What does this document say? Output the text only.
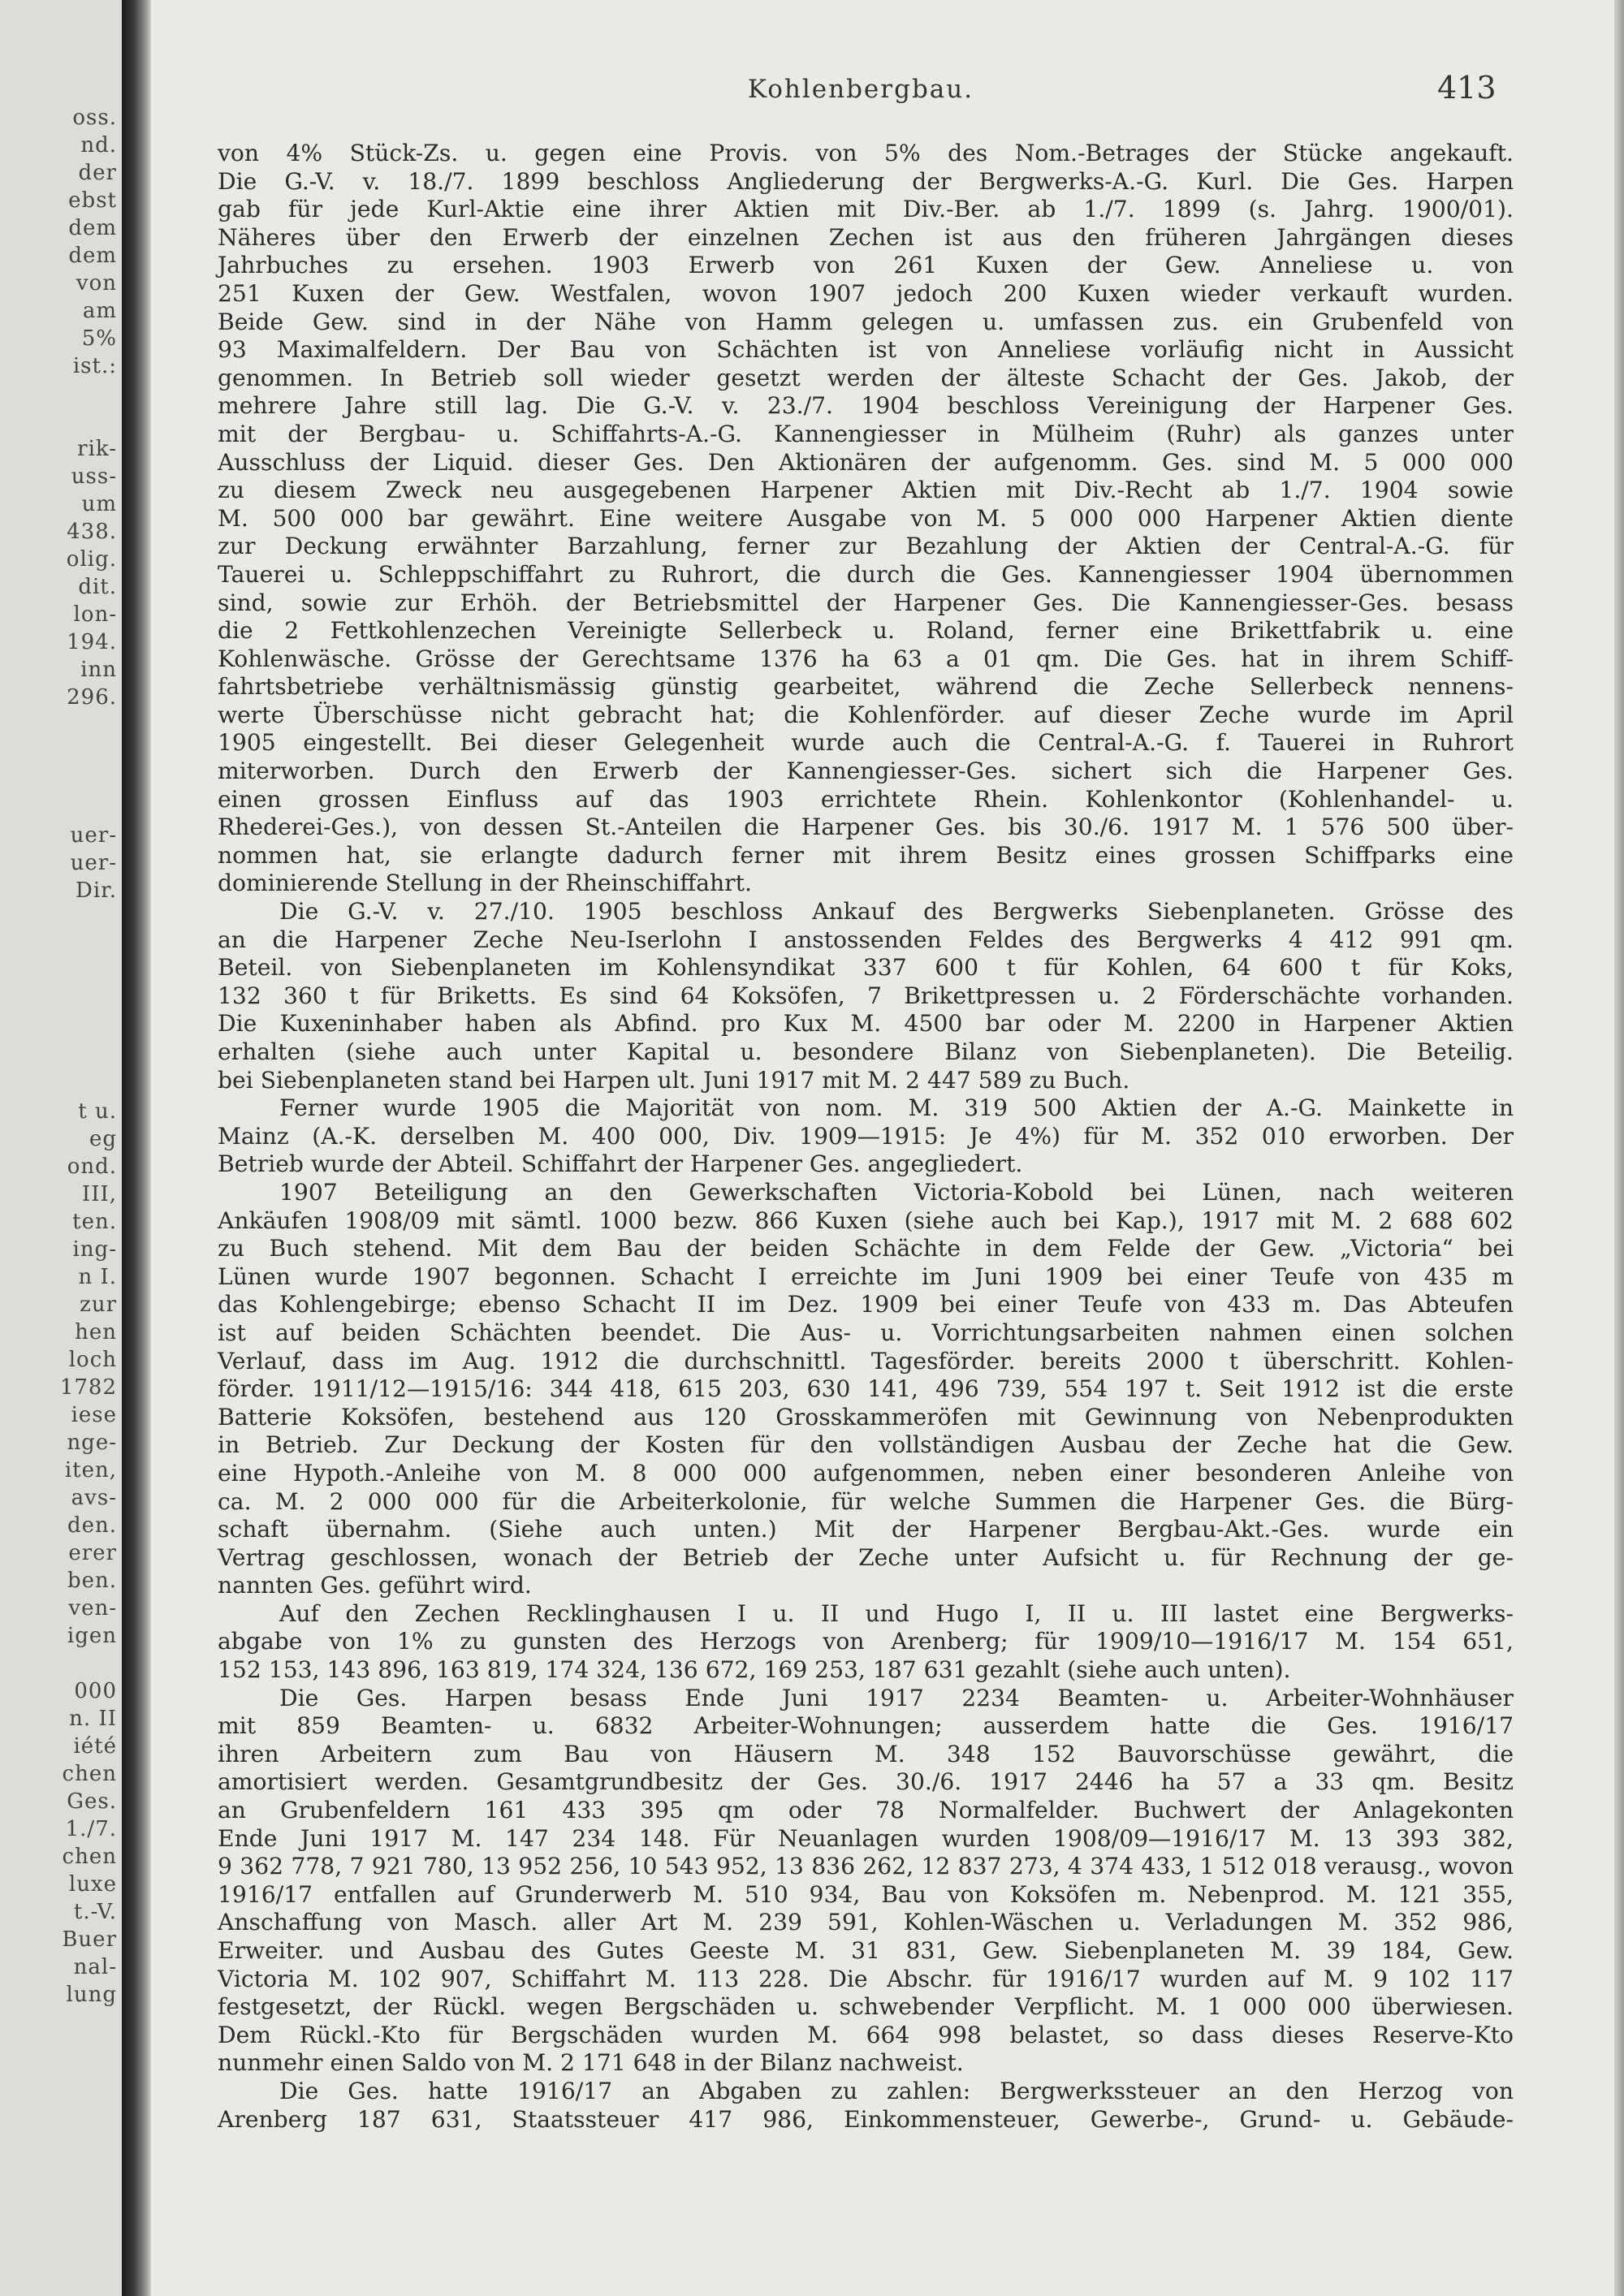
oss.
nd.
der
ebst
dem
dem
von
am
5%
ist.:
rik-
uss-
um
438.
olig.
dit.
lon-
194.
inn
296.
uer-
uer-
Dir.
t u.
eg
ond.
III,
ten.
ing-
n I.
zur
hen
loch
1782
iese
nge-
iten,
avs-
den.
erer
ben.
ven-
igen
000
n. II
iété
chen
Ges.
1./7.
chen
luxe
t.-V.
Buer
nal-
lung
Kohlenbergbau.	413
von 4% Stück-Zs. u. gegen eine Provis. von 5% des Nom.-Betrages der Stücke angekauft.
Die G.-V. v. 18./7. 1899 beschloss Angliederung der Bergwerks-A.-G. Kurl. Die Ges. Harpen
gab für jede Kurl-Aktie eine ihrer Aktien mit Div.-Ber. ab 1./7. 1899 (s. Jahrg. 1900/01).
Näheres über den Erwerb der einzelnen Zechen ist aus den früheren Jahrgängen dieses
Jahrbuches zu ersehen. 1903 Erwerb von 261 Kuxen der Gew. Anneliese u. von
251 Kuxen der Gew. Westfalen, wovon 1907 jedoch 200 Kuxen wieder verkauft wurden.
Beide Gew. sind in der Nähe von Hamm gelegen u. umfassen zus. ein Grubenfeld von
93 Maximalfeldern. Der Bau von Schächten ist von Anneliese vorläufig nicht in Aussicht
genommen. In Betrieb soll wieder gesetzt werden der älteste Schacht der Ges. Jakob, der
mehrere Jahre still lag. Die G.-V. v. 23./7. 1904 beschloss Vereinigung der Harpener Ges.
mit der Bergbau- u. Schiffahrts-A.-G. Kannengiesser in Mülheim (Ruhr) als ganzes unter
Ausschluss der Liquid. dieser Ges. Den Aktionären der aufgenomm. Ges. sind M. 5 000 000
zu diesem Zweck neu ausgegebenen Harpener Aktien mit Div.-Recht ab 1./7. 1904 sowie
M. 500 000 bar gewährt. Eine weitere Ausgabe von M. 5 000 000 Harpener Aktien diente
zur Deckung erwähnter Barzahlung, ferner zur Bezahlung der Aktien der Central-A.-G. für
Tauerei u. Schleppschiffahrt zu Ruhrort, die durch die Ges. Kannengiesser 1904 übernommen
sind, sowie zur Erhöh. der Betriebsmittel der Harpener Ges. Die Kannengiesser-Ges. besass
die 2 Fettkohlenzechen Vereinigte Sellerbeck u. Roland, ferner eine Brikettfabrik u. eine
Kohlenwäsche. Grösse der Gerechtsame 1376 ha 63 a 01 qm. Die Ges. hat in ihrem Schiff-
fahrtsbetriebe verhältnismässig günstig gearbeitet, während die Zeche Sellerbeck nennens-
werte Überschüsse nicht gebracht hat; die Kohlenförder. auf dieser Zeche wurde im April
1905 eingestellt. Bei dieser Gelegenheit wurde auch die Central-A.-G. f. Tauerei in Ruhrort
miterworben. Durch den Erwerb der Kannengiesser-Ges. sichert sich die Harpener Ges.
einen grossen Einfluss auf das 1903 errichtete Rhein. Kohlenkontor (Kohlenhandel- u.
Rhederei-Ges.), von dessen St.-Anteilen die Harpener Ges. bis 30./6. 1917 M. 1 576 500 über-
nommen hat, sie erlangte dadurch ferner mit ihrem Besitz eines grossen Schiffparks eine
dominierende Stellung in der Rheinschiffahrt.
Die G.-V. v. 27./10. 1905 beschloss Ankauf des Bergwerks Siebenplaneten. Grösse des
an die Harpener Zeche Neu-Iserlohn I anstossenden Feldes des Bergwerks 4 412 991 qm.
Beteil. von Siebenplaneten im Kohlensyndikat 337 600 t für Kohlen, 64 600 t für Koks,
132 360 t für Briketts. Es sind 64 Koksöfen, 7 Brikettpressen u. 2 Förderschächte vorhanden.
Die Kuxeninhaber haben als Abfind. pro Kux M. 4500 bar oder M. 2200 in Harpener Aktien
erhalten (siehe auch unter Kapital u. besondere Bilanz von Siebenplaneten). Die Beteilig.
bei Siebenplaneten stand bei Harpen ult. Juni 1917 mit M. 2 447 589 zu Buch.
Ferner wurde 1905 die Majorität von nom. M. 319 500 Aktien der A.-G. Mainkette in
Mainz (A.-K. derselben M. 400 000, Div. 1909—1915: Je 4%) für M. 352 010 erworben. Der
Betrieb wurde der Abteil. Schiffahrt der Harpener Ges. angegliedert.
1907 Beteiligung an den Gewerkschaften Victoria-Kobold bei Lünen, nach weiteren
Ankäufen 1908/09 mit sämtl. 1000 bezw. 866 Kuxen (siehe auch bei Kap.), 1917 mit M. 2 688 602
zu Buch stehend. Mit dem Bau der beiden Schächte in dem Felde der Gew. „Victoria“ bei
Lünen wurde 1907 begonnen. Schacht I erreichte im Juni 1909 bei einer Teufe von 435 m
das Kohlengebirge; ebenso Schacht II im Dez. 1909 bei einer Teufe von 433 m. Das Abteufen
ist auf beiden Schächten beendet. Die Aus- u. Vorrichtungsarbeiten nahmen einen solchen
Verlauf, dass im Aug. 1912 die durchschnittl. Tagesförder. bereits 2000 t überschritt. Kohlen-
förder. 1911/12—1915/16: 344 418, 615 203, 630 141, 496 739, 554 197 t. Seit 1912 ist die erste
Batterie Koksöfen, bestehend aus 120 Grosskammeröfen mit Gewinnung von Nebenprodukten
in Betrieb. Zur Deckung der Kosten für den vollständigen Ausbau der Zeche hat die Gew.
eine Hypoth.-Anleihe von M. 8 000 000 aufgenommen, neben einer besonderen Anleihe von
ca. M. 2 000 000 für die Arbeiterkolonie, für welche Summen die Harpener Ges. die Bürg-
schaft übernahm. (Siehe auch unten.) Mit der Harpener Bergbau-Akt.-Ges. wurde ein
Vertrag geschlossen, wonach der Betrieb der Zeche unter Aufsicht u. für Rechnung der ge-
nannten Ges. geführt wird.
Auf den Zechen Recklinghausen I u. II und Hugo I, II u. III lastet eine Bergwerks-
abgabe von 1% zu gunsten des Herzogs von Arenberg; für 1909/10—1916/17 M. 154 651,
152 153, 143 896, 163 819, 174 324, 136 672, 169 253, 187 631 gezahlt (siehe auch unten).
Die Ges. Harpen besass Ende Juni 1917 2234 Beamten- u. Arbeiter-Wohnhäuser
mit 859 Beamten- u. 6832 Arbeiter-Wohnungen; ausserdem hatte die Ges. 1916/17
ihren Arbeitern zum Bau von Häusern M. 348 152 Bauvorschüsse gewährt, die
amortisiert werden. Gesamtgrundbesitz der Ges. 30./6. 1917 2446 ha 57 a 33 qm. Besitz
an Grubenfeldern 161 433 395 qm oder 78 Normalfelder. Buchwert der Anlagekonten
Ende Juni 1917 M. 147 234 148. Für Neuanlagen wurden 1908/09—1916/17 M. 13 393 382,
9 362 778, 7 921 780, 13 952 256, 10 543 952, 13 836 262, 12 837 273, 4 374 433, 1 512 018 verausg., wovon
1916/17 entfallen auf Grunderwerb M. 510 934, Bau von Koksöfen m. Nebenprod. M. 121 355,
Anschaffung von Masch. aller Art M. 239 591, Kohlen-Wäschen u. Verladungen M. 352 986,
Erweiter. und Ausbau des Gutes Geeste M. 31 831, Gew. Siebenplaneten M. 39 184, Gew.
Victoria M. 102 907, Schiffahrt M. 113 228. Die Abschr. für 1916/17 wurden auf M. 9 102 117
festgesetzt, der Rückl. wegen Bergschäden u. schwebender Verpflicht. M. 1 000 000 überwiesen.
Dem Rückl.-Kto für Bergschäden wurden M. 664 998 belastet, so dass dieses Reserve-Kto
nunmehr einen Saldo von M. 2 171 648 in der Bilanz nachweist.
Die Ges. hatte 1916/17 an Abgaben zu zahlen: Bergwerkssteuer an den Herzog von
Arenberg 187 631, Staatssteuer 417 986, Einkommensteuer, Gewerbe-, Grund- u. Gebäude-
